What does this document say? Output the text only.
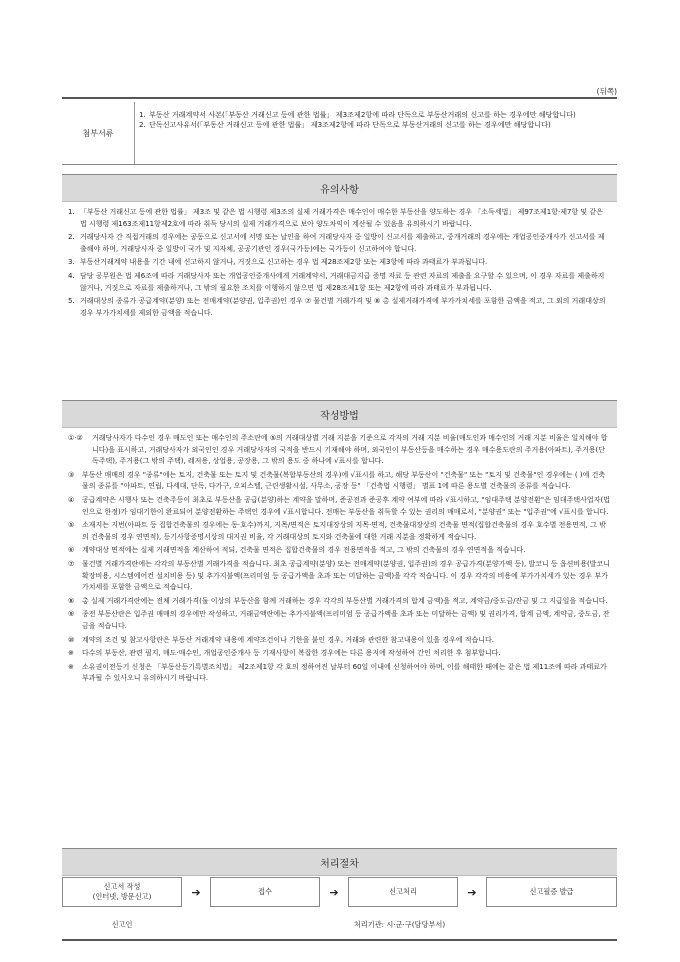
(뒤쪽)
첨부서류
1. 부동산 거래계약서 사본(「부동산 거래신고 등에 관한 법률」 제3조제2항에 따라 단독으로 부동산거래의 신고를 하는 경우에만 해당합니다)
2. 단독신고사유서(「부동산 거래신고 등에 관한 법률」 제3조제2항에 따라 단독으로 부동산거래의 신고를 하는 경우에만 해당합니다)
유의사항
1. 「부동산 거래신고 등에 관한 법률」 제3조 및 같은 법 시행령 제3조의 실제 거래가격은 매수인이 매수한 부동산을 양도하는 경우 「소득세법」 제97조제1항·제7항 및 같은 법 시행령 제163조제11항제2호에 따라 취득 당시의 실제 거래가격으로 보아 양도차익이 계산될 수 있음을 유의하시기 바랍니다.
2. 거래당사자 간 직접거래의 경우에는 공동으로 신고서에 서명 또는 날인을 하여 거래당사자 중 일방이 신고서를 제출하고, 중개거래의 경우에는 개업공인중개사가 신고서를 제출해야 하며, 거래당사자 중 일방이 국가 및 지자체, 공공기관인 경우(국가등)에는 국가등이 신고하여야 합니다.
3. 부동산거래계약 내용을 기간 내에 신고하지 않거나, 거짓으로 신고하는 경우 법 제28조제2항 또는 제3항에 따라 과태료가 부과됩니다.
4. 담당 공무원은 법 제6조에 따라 거래당사자 또는 개업공인중개사에게 거래계약서, 거래대금지급 증명 자료 등 관련 자료의 제출을 요구할 수 있으며, 이 경우 자료를 제출하지 않거나, 거짓으로 자료를 제출하거나, 그 밖의 필요한 조치를 이행하지 않으면 법 제28조제1항 또는 제2항에 따라 과태료가 부과됩니다.
5. 거래대상의 종류가 공급계약(분양) 또는 전매계약(분양권, 입주권)인 경우 ⑦ 물건별 거래가격 및 ⑧ 총 실제거래가격에 부가가치세를 포함한 금액을 적고, 그 외의 거래대상의 경우 부가가치세를 제외한 금액을 적습니다.
작성방법
①·②	거래당사자가 다수인 경우 매도인 또는 매수인의 주소란에 ⑤의 거래대상별 거래 지분을 기준으로 각자의 거래 지분 비율(매도인과 매수인의 거래 지분 비율은 일치해야 합니다)을 표시하고, 거래당사자가 외국인인 경우 거래당사자의 국적을 반드시 기재해야 하며, 외국인이 부동산등을 매수하는 경우 매수용도란의 주거용(아파트), 주거용(단독주택), 주거용(그 밖의 주택), 레저용, 상업용, 공장용, 그 밖의 용도 중 하나에 √표시를 합니다.
③	부동산 매매의 경우 "종류"에는 토지, 건축물 또는 토지 및 건축물(복합부동산의 경우)에 √표시를 하고, 해당 부동산이 "건축물" 또는 "토지 및 건축물"인 경우에는 ( )에 건축물의 종류를 "아파트, 연립, 다세대, 단독, 다가구, 오피스텔, 근린생활시설, 사무소, 공장 등" 「건축법 시행령」 별표 1에 따른 용도별 건축물의 종류를 적습니다.
④	공급계약은 시행사 또는 건축주등이 최초로 부동산을 공급(분양)하는 계약을 말하며, 준공전과 준공후 계약 여부에 따라 √표시하고, "임대주택 분양전환"은 임대주택사업자(법인으로 한정)가 임대기한이 완료되어 분양전환하는 주택인 경우에 √표시합니다. 전매는 부동산을 취득할 수 있는 권리의 매매로서, "분양권" 또는 "입주권"에 √표시를 합니다.
⑤	소재지는 지번(아파트 등 집합건축물의 경우에는 동·호수)까지, 지목/면적은 토지대장상의 지목·면적, 건축물대장상의 건축물 면적(집합건축물의 경우 호수별 전용면적, 그 밖의 건축물의 경우 연면적), 등기사항증명서상의 대지권 비율, 각 거래대상의 토지와 건축물에 대한 거래 지분을 정확하게 적습니다.
⑥	계약대상 면적에는 실제 거래면적을 계산하여 적되, 건축물 면적은 집합건축물의 경우 전용면적을 적고, 그 밖의 건축물의 경우 연면적을 적습니다.
⑦	물건별 거래가격란에는 각각의 부동산별 거래가격을 적습니다. 최초 공급계약(분양) 또는 전매계약(분양권, 입주권)의 경우 공급가격(분양가액 등), 발코니 등 옵션비용(발코니 확장비용, 시스템에어컨 설치비용 등) 및 추가지불액(프리미엄 등 공급가액을 초과 또는 미달하는 금액)을 각각 적습니다. 이 경우 각각의 비용에 부가가치세가 있는 경우 부가가치세를 포함한 금액으로 적습니다.
⑧	총 실제 거래가격란에는 전체 거래가격(둘 이상의 부동산을 함께 거래하는 경우 각각의 부동산별 거래가격의 합계 금액)을 적고, 계약금/중도금/잔금 및 그 지급일을 적습니다.
⑨	종전 부동산란은 입주권 매매의 경우에만 작성하고, 거래금액란에는 추가지불액(프리미엄 등 공급가액을 초과 또는 미달하는 금액) 및 권리가격, 합계 금액, 계약금, 중도금, 잔금을 적습니다.
⑩	계약의 조건 및 참고사항란은 부동산 거래계약 내용에 계약조건이나 기한을 붙인 경우, 거래와 관련한 참고내용이 있을 경우에 적습니다.
※	다수의 부동산, 관련 필지, 매도·매수인, 개업공인중개사 등 기재사항이 복잡한 경우에는 다른 용지에 작성하여 간인 처리한 후 첨부합니다.
※	소유권이전등기 신청은 「부동산등기특별조치법」 제2조제1항 각 호의 정하여진 날부터 60일 이내에 신청하여야 하며, 이를 해태한 때에는 같은 법 제11조에 따라 과태료가 부과될 수 있사오니 유의하시기 바랍니다.
처리절차
신고서 작성
(인터넷, 방문신고)	➔	접수	➔	신고처리	➔	신고필증 발급
신고인	처리기관: 시·군·구(담당부서)
